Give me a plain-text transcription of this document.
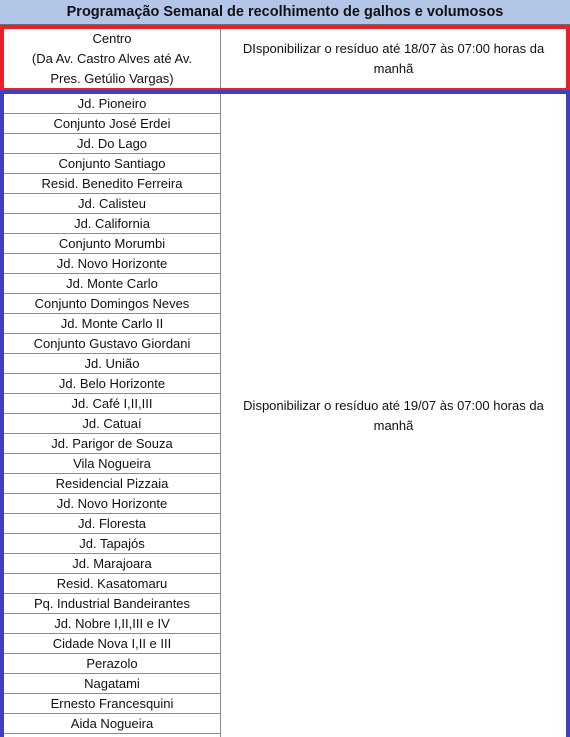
Programação Semanal de recolhimento de galhos e volumosos
Centro
(Da Av. Castro Alves até Av.
Pres. Getúlio Vargas)
DIsponibilizar o resíduo até 18/07 às 07:00 horas da manhã
Jd. Pioneiro
Conjunto José Erdei
Jd. Do Lago
Conjunto Santiago
Resid. Benedito Ferreira
Jd. Calisteu
Jd. California
Conjunto Morumbi
Jd. Novo Horizonte
Jd. Monte Carlo
Conjunto Domingos Neves
Jd. Monte Carlo II
Conjunto Gustavo Giordani
Jd. União
Jd. Belo Horizonte
Jd. Café I,II,III
Jd. Catuaí
Jd. Parigor de Souza
Vila Nogueira
Residencial Pizzaia
Jd. Novo Horizonte
Jd. Floresta
Jd. Tapajós
Jd. Marajoara
Resid. Kasatomaru
Pq. Industrial Bandeirantes
Jd. Nobre I,II,III e IV
Cidade Nova I,II e III
Perazolo
Nagatami
Ernesto Francesquini
Aida Nogueira
Disponibilizar o resíduo até 19/07 às 07:00 horas da manhã
